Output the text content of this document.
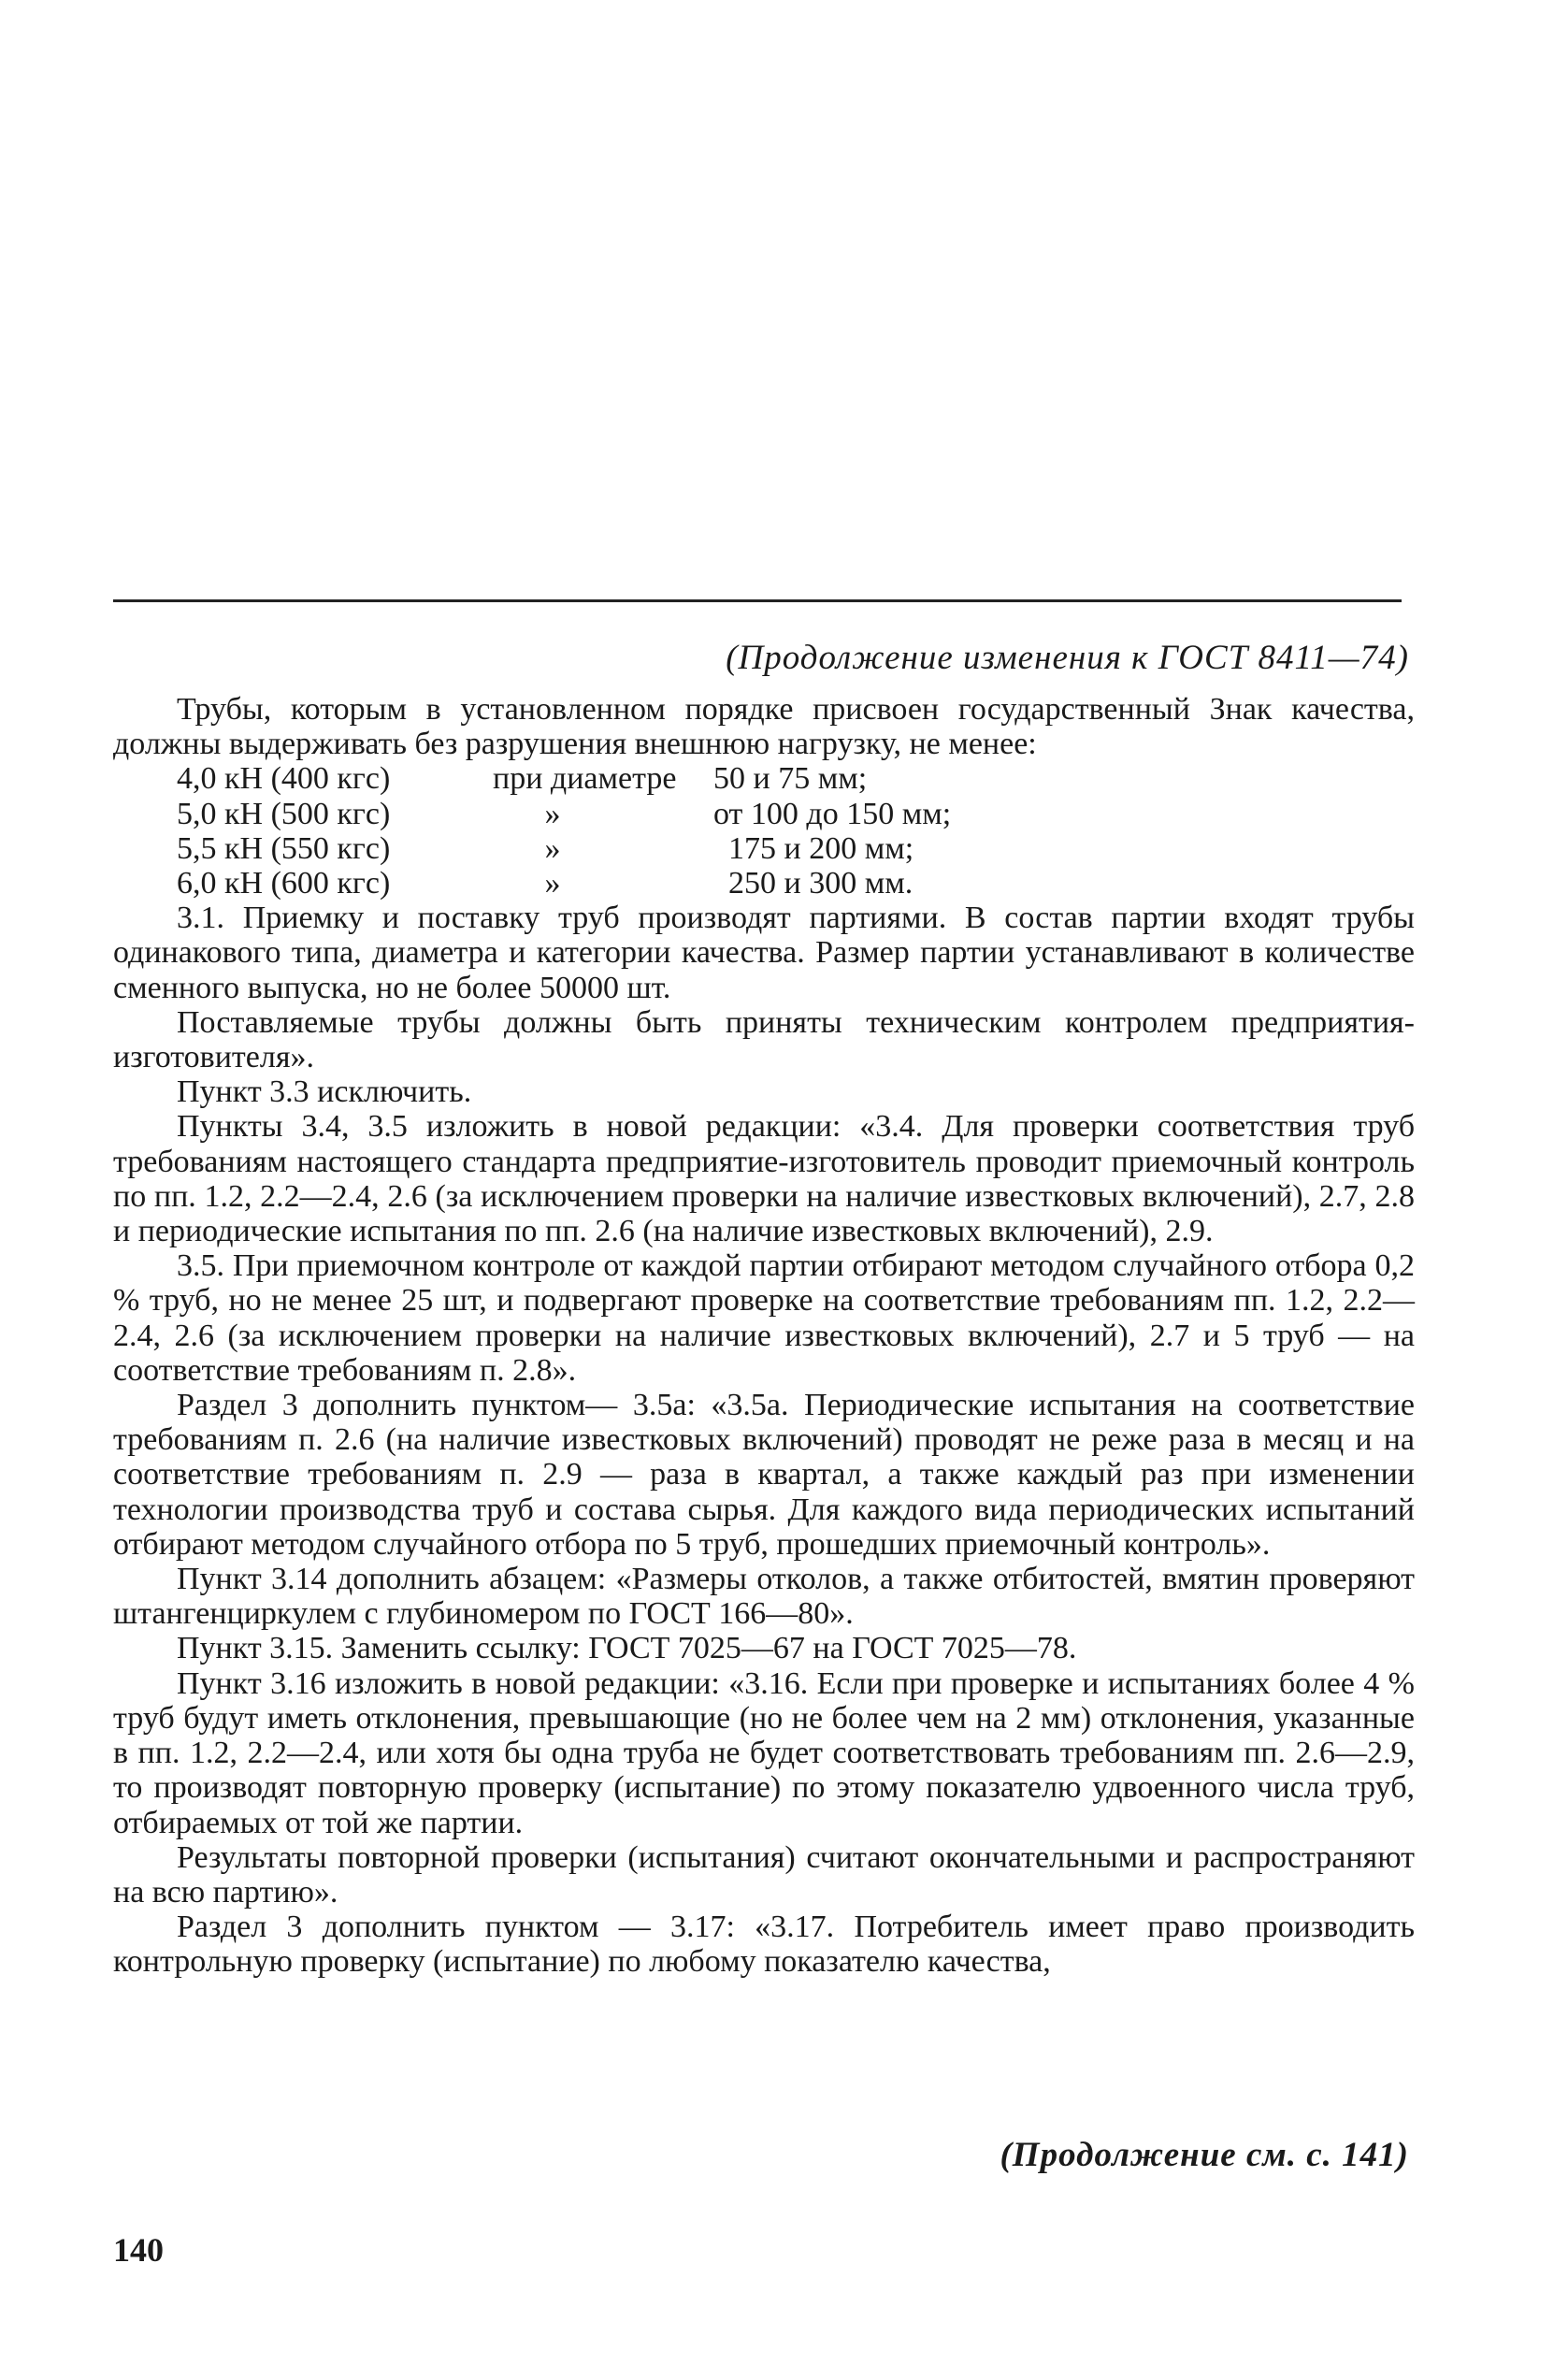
(Продолжение изменения к ГОСТ 8411—74)

Трубы, которым в установленном порядке присвоен государственный Знак качества, должны выдерживать без разрушения внешнюю нагрузку, не менее:

4,0 кН (400 кгс)	при диаметре	50 и 75 мм;
5,0 кН (500 кгс)	»	от 100 до 150 мм;
5,5 кН (550 кгс)	»	175 и 200 мм;
6,0 кН (600 кгс)	»	250 и 300 мм.

3.1. Приемку и поставку труб производят партиями. В состав партии входят трубы одинакового типа, диаметра и категории качества. Размер партии устанавливают в количестве сменного выпуска, но не более 50000 шт.

Поставляемые трубы должны быть приняты техническим контролем предприятия-изготовителя».

Пункт 3.3 исключить.

Пункты 3.4, 3.5 изложить в новой редакции: «3.4. Для проверки соответствия труб требованиям настоящего стандарта предприятие-изготовитель проводит приемочный контроль по пп. 1.2, 2.2—2.4, 2.6 (за исключением проверки на наличие известковых включений), 2.7, 2.8 и периодические испытания по пп. 2.6 (на наличие известковых включений), 2.9.

3.5. При приемочном контроле от каждой партии отбирают методом случайного отбора 0,2 % труб, но не менее 25 шт, и подвергают проверке на соответствие требованиям пп. 1.2, 2.2—2.4, 2.6 (за исключением проверки на наличие известковых включений), 2.7 и 5 труб — на соответствие требованиям п. 2.8».

Раздел 3 дополнить пунктом— 3.5а: «3.5а. Периодические испытания на соответствие требованиям п. 2.6 (на наличие известковых включений) проводят не реже раза в месяц и на соответствие требованиям п. 2.9 — раза в квартал, а также каждый раз при изменении технологии производства труб и состава сырья. Для каждого вида периодических испытаний отбирают методом случайного отбора по 5 труб, прошедших приемочный контроль».

Пункт 3.14 дополнить абзацем: «Размеры отколов, а также отбитостей, вмятин проверяют штангенциркулем с глубиномером по ГОСТ 166—80».

Пункт 3.15. Заменить ссылку: ГОСТ 7025—67 на ГОСТ 7025—78.

Пункт 3.16 изложить в новой редакции: «3.16. Если при проверке и испытаниях более 4 % труб будут иметь отклонения, превышающие (но не более чем на 2 мм) отклонения, указанные в пп. 1.2, 2.2—2.4, или хотя бы одна труба не будет соответствовать требованиям пп. 2.6—2.9, то производят повторную проверку (испытание) по этому показателю удвоенного числа труб, отбираемых от той же партии.

Результаты повторной проверки (испытания) считают окончательными и распространяют на всю партию».

Раздел 3 дополнить пунктом — 3.17: «3.17. Потребитель имеет право производить контрольную проверку (испытание) по любому показателю качества,

(Продолжение см. с. 141)
140
